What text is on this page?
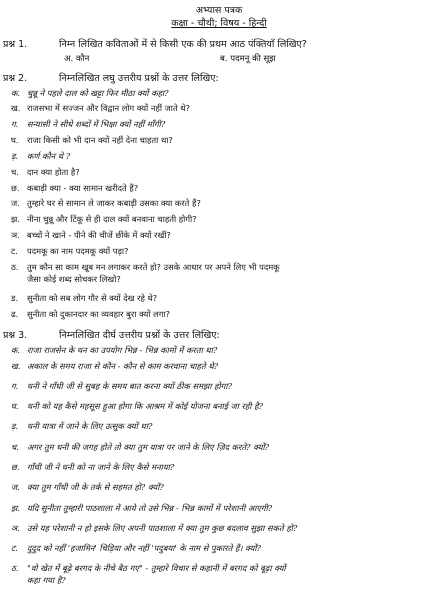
अभ्यास पत्रक
कक्षा - चौथी; विषय - हिन्दी
प्रश्न 1.	निम्न लिखित कविताओं में से किसी एक की प्रथम आठ पंक्तियाँ लिखिए?
अ. कौन	ब. पदमनू की सूझ
प्रश्न 2.	निम्नलिखित लघु उत्तरीय प्रश्नों के उत्तर लिखिए:
क. चुन्नू ने पहले दाल को खट्टा फिर मीठा क्यों कहा?
ख. राजसभा में सज्जन और विद्वान लोग क्यों नहीं जाते थे?
ग. सन्यासी ने सीधे शब्दों में भिक्षा क्यों नहीं माँगी?
घ. राजा किसी को भी दान क्यों नहीं देना चाहता था?
ड़. कर्ण कौन थे ?
च. दान क्या होता है?
छ. कबाड़ी क्या - क्या सामान खरीदते हैं?
ज. तुम्हारे घर से सामान ले जाकर कबाड़ी उसका क्या करते हैं?
झ. नीना चुन्नू और टिंकू से ही दाल क्यों बनवाना चाहती होगी?
ञ. बच्चों ने खाने - पीने की चीजें छींके में क्यों रखीं?
ट. पदमकू का नाम पदमकू क्यों पड़ा?
ठ. तुम कौन सा काम खूब मन लगाकर करते हो? उसके आधार पर अपने लिए भी पदमकू
जैसा कोई शब्द सोचकर लिखो?
ड. सुनीता को सब लोग गौर से क्यों देख रहे थे?
ढ. सुनीता को दुकानदार का व्यवहार बुरा क्यों लगा?
प्रश्न 3.	निम्नलिखित दीर्घ उत्तरीय प्रश्नों के उत्तर लिखिए:
क. राजा राजसेन के धन का उपयोग भिन्न - भिन्न कामों में करता था?
ख. अकाल के समय राजा से कौन - कौन से काम करवाना चाहते थे?
ग. धनी ने गाँधी जी से सुबह के समय बात करना क्यों ठीक समझा होगा?
घ. धनी को यह कैसे महसूस हुआ होगा कि आश्रम में कोई योजना बनाई जा रही है?
ड़. धनी यात्रा में जाने के लिए उत्सुक क्यों था?
च. अगर तुम धनी की जगह होते तो क्या तुम यात्रा पर जाने के लिए ज़िद करते? क्यों?
छ. गाँधी जी ने धनी को ना जाने के लिए कैसे मनाया?
ज. क्या तुम गाँधी जी के तर्क से सहमत हो? क्यों?
झ. यदि सुनीता तुम्हारी पाठशाला में आये तो उसे भिन्न - भिन्न कामों में परेशानी आएगी?
ञ. उसे यह परेशानी न हो इसके लिए अपनी पाठशाला में क्या तुम कुछ बदलाव सुझा सकते हो?
ट. दुदुद को नहीं 'हजामिन' चिड़िया और नहीं 'पदुबया' के नाम से पुकारते हैं। क्यों?
ठ. "वो खेत में बूढ़े बरगद के नीचे बैठ गए" - तुम्हारे विचार से कहानी में बरगद को बूढ़ा क्यों
कहा गया है?
